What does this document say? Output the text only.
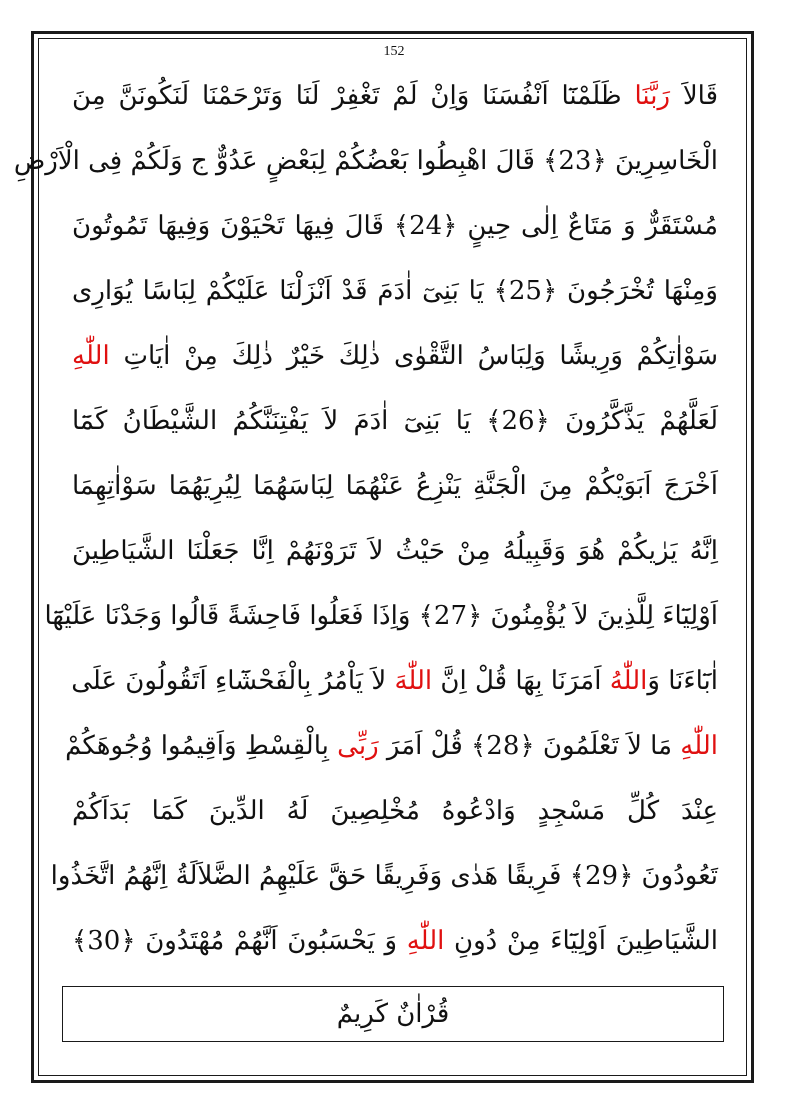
152
قَالاَ رَبَّنَا ظَلَمْنَٓا اَنْفُسَنَا وَاِنْ لَمْ تَغْفِرْ لَنَا وَتَرْحَمْنَا لَنَكُونَنَّ مِنَ
الْخَاسِرِينَ ﴿23﴾ قَالَ اهْبِطُوا بَعْضُكُمْ لِبَعْضٍ عَدُوٌّ ج وَلَكُمْ فِى الْاَرْضِ
مُسْتَقَرٌّ وَ مَتَاعٌ اِلٰى حِينٍ ﴿24﴾ قَالَ فِيهَا تَحْيَوْنَ وَفِيهَا تَمُوتُونَ
وَمِنْهَا تُخْرَجُونَ ﴿25﴾ يَا بَنِىٓ اٰدَمَ قَدْ اَنْزَلْنَا عَلَيْكُمْ لِبَاسًا يُوَارِى
سَوْاٰتِكُمْ وَرِيشًا وَلِبَاسُ التَّقْوٰى ذٰلِكَ خَيْرٌ ذٰلِكَ مِنْ اٰيَاتِ اللّٰهِ
لَعَلَّهُمْ يَذَّكَّرُونَ ﴿26﴾ يَا بَنِىٓ اٰدَمَ لاَ يَفْتِنَنَّكُمُ الشَّيْطَانُ كَمَٓا
اَخْرَجَ اَبَوَيْكُمْ مِنَ الْجَنَّةِ يَنْزِعُ عَنْهُمَا لِبَاسَهُمَا لِيُرِيَهُمَا سَوْاٰتِهِمَا
اِنَّهُ يَرٰيكُمْ هُوَ وَقَبِيلُهُ مِنْ حَيْثُ لاَ تَرَوْنَهُمْ اِنَّا جَعَلْنَا الشَّيَاطِينَ
اَوْلِيَٓاءَ لِلَّذِينَ لاَ يُؤْمِنُونَ ﴿27﴾ وَاِذَا فَعَلُوا فَاحِشَةً قَالُوا وَجَدْنَا عَلَيْهَٓا
اٰبَٓاءَنَا وَاللّٰهُ اَمَرَنَا بِهَا قُلْ اِنَّ اللّٰهَ لاَ يَاْمُرُ بِالْفَحْشَٓاءِ اَتَقُولُونَ عَلَى
اللّٰهِ مَا لاَ تَعْلَمُونَ ﴿28﴾ قُلْ اَمَرَ رَبِّى بِالْقِسْطِ وَاَقِيمُوا وُجُوهَكُمْ
عِنْدَ كُلِّ مَسْجِدٍ وَادْعُوهُ مُخْلِصِينَ لَهُ الدِّينَ كَمَا بَدَاَكُمْ
تَعُودُونَ ﴿29﴾ فَرِيقًا هَدٰى وَفَرِيقًا حَقَّ عَلَيْهِمُ الضَّلاَلَةُ اِنَّهُمُ اتَّخَذُوا
الشَّيَاطِينَ اَوْلِيَٓاءَ مِنْ دُونِ اللّٰهِ وَ يَحْسَبُونَ اَنَّهُمْ مُهْتَدُونَ ﴿30﴾
قُرْاٰنٌ كَرِيمٌ
